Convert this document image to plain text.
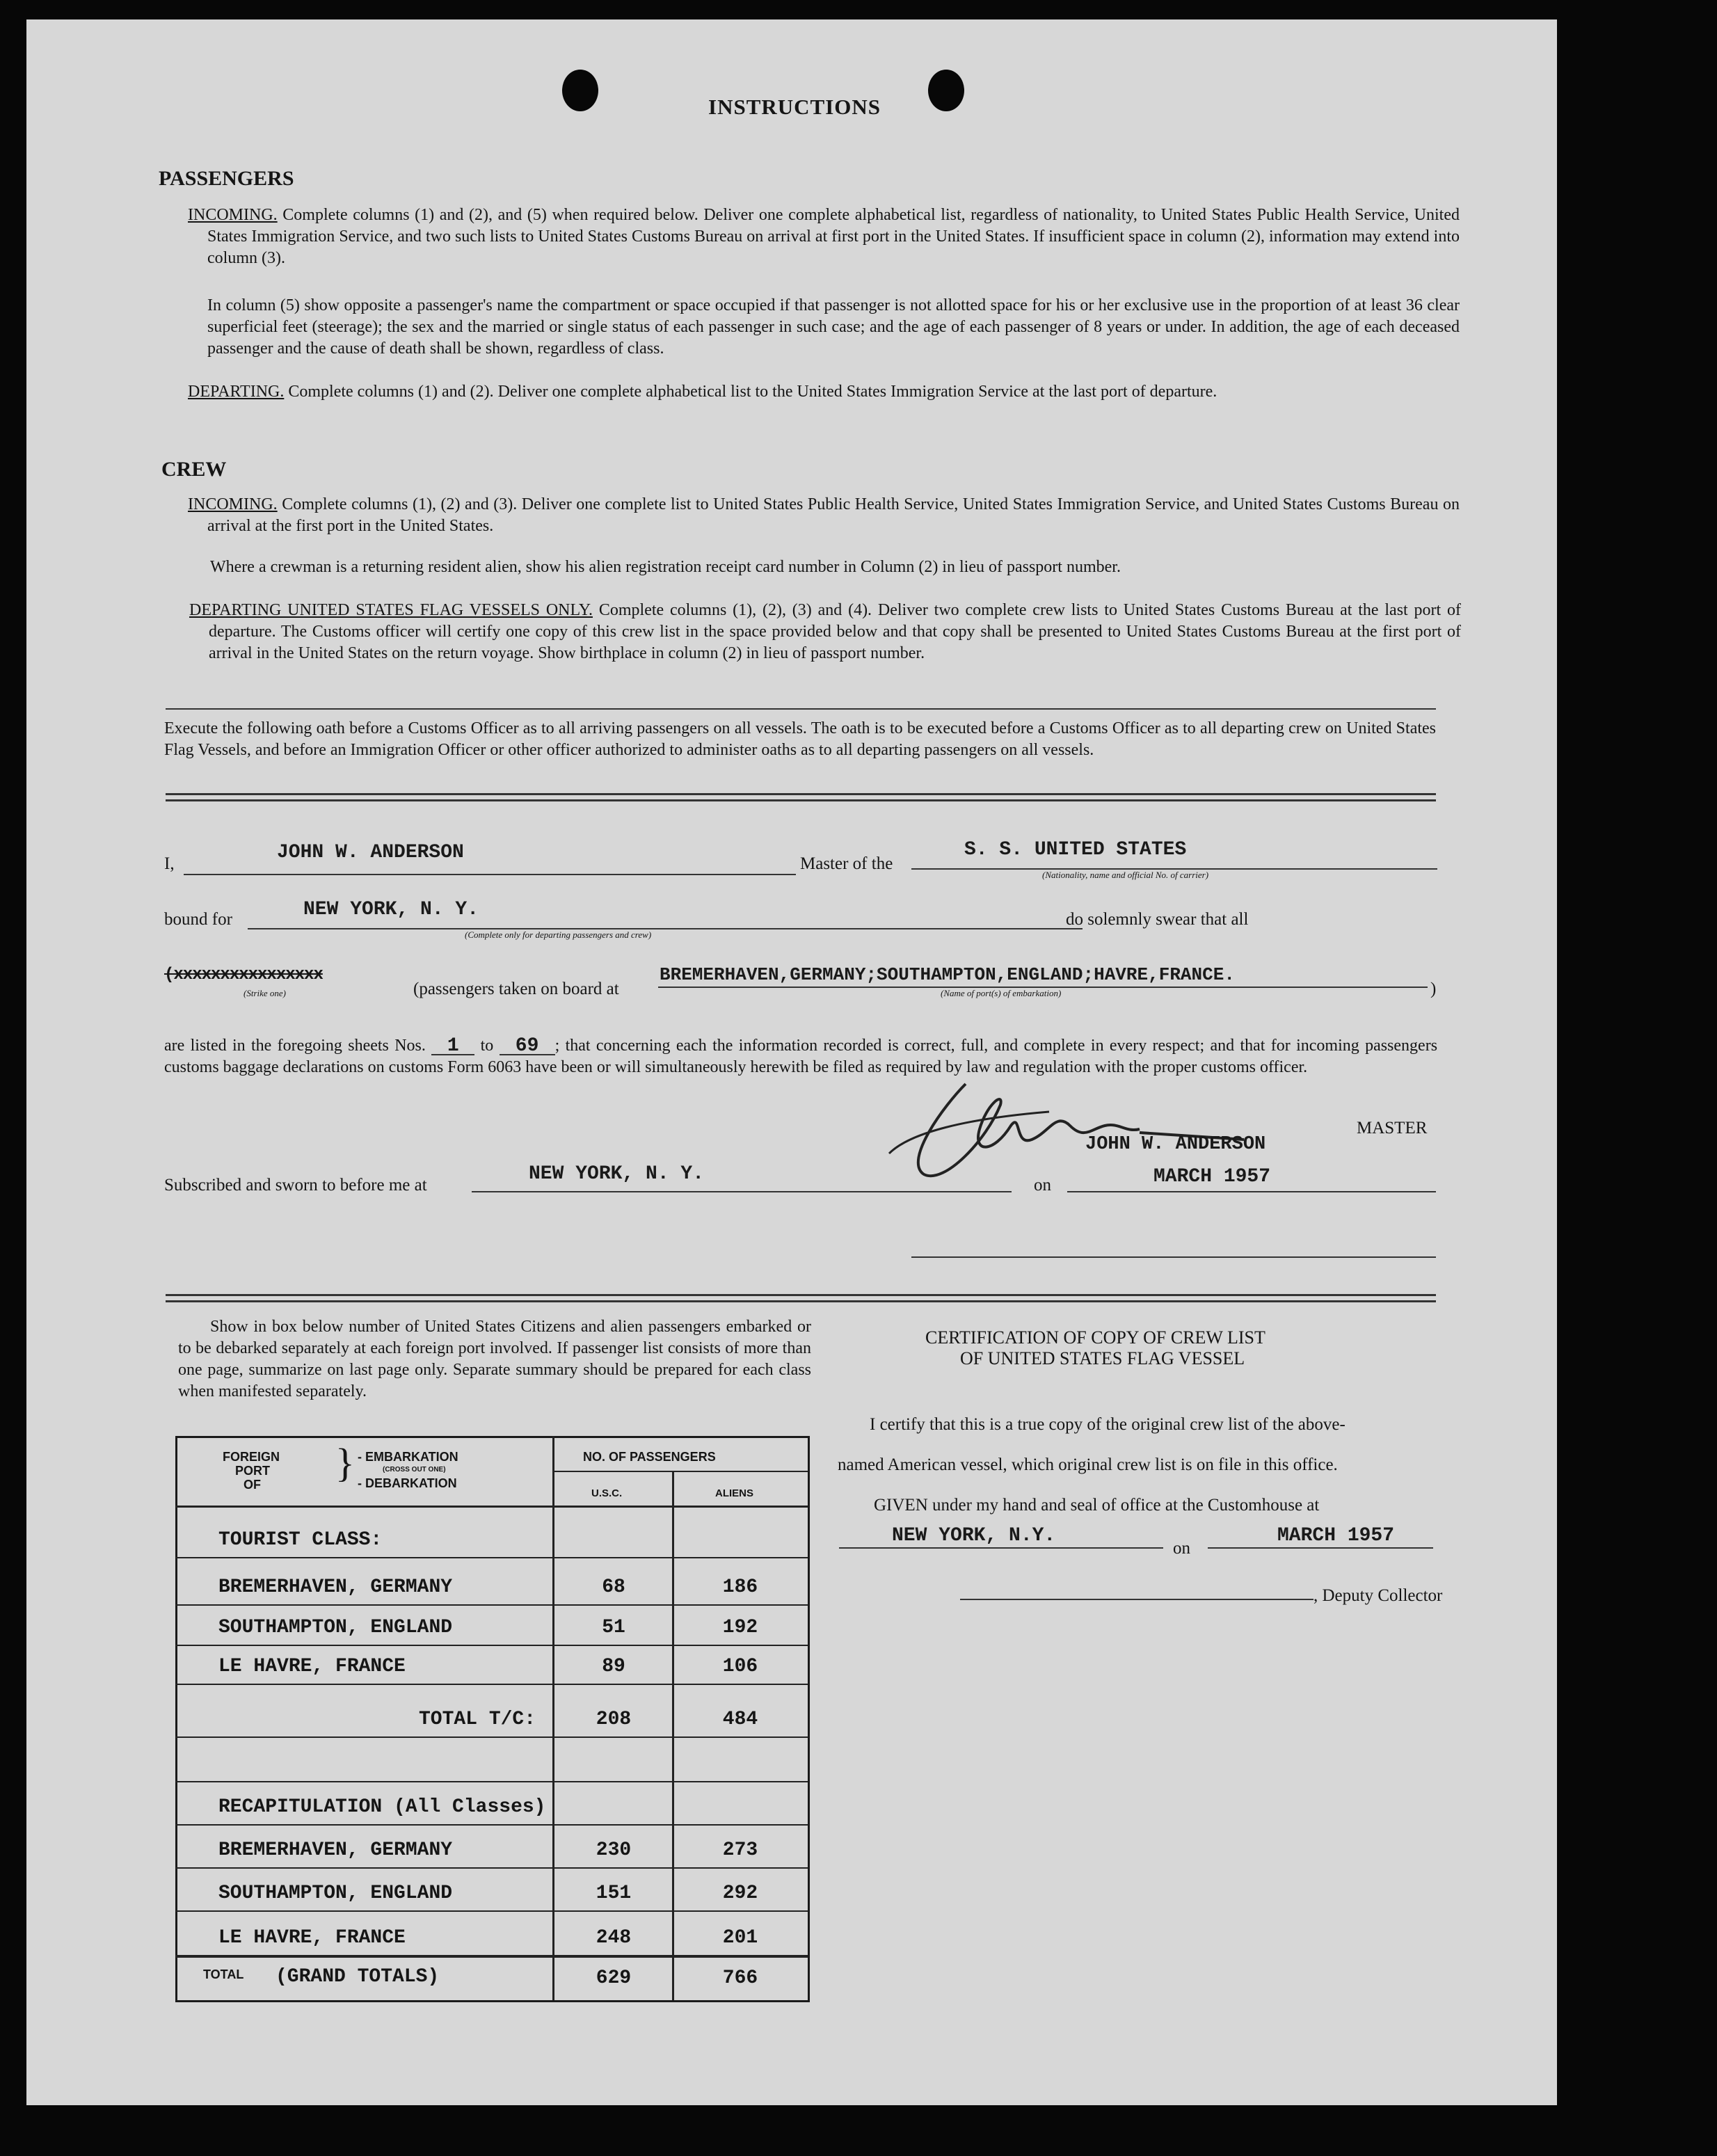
INSTRUCTIONS
PASSENGERS
INCOMING. Complete columns (1) and (2), and (5) when required below. Deliver one complete alphabetical list, regardless of nationality, to United States Public Health Service, United States Immigration Service, and two such lists to United States Customs Bureau on arrival at first port in the United States. If insufficient space in column (2), information may extend into column (3).
In column (5) show opposite a passenger's name the compartment or space occupied if that passenger is not allotted space for his or her exclusive use in the proportion of at least 36 clear superficial feet (steerage); the sex and the married or single status of each passenger in such case; and the age of each passenger of 8 years or under. In addition, the age of each deceased passenger and the cause of death shall be shown, regardless of class.
DEPARTING. Complete columns (1) and (2). Deliver one complete alphabetical list to the United States Immigration Service at the last port of departure.
CREW
INCOMING. Complete columns (1), (2) and (3). Deliver one complete list to United States Public Health Service, United States Immigration Service, and United States Customs Bureau on arrival at the first port in the United States.
Where a crewman is a returning resident alien, show his alien registration receipt card number in Column (2) in lieu of passport number.
DEPARTING UNITED STATES FLAG VESSELS ONLY. Complete columns (1), (2), (3) and (4). Deliver two complete crew lists to United States Customs Bureau at the last port of departure. The Customs officer will certify one copy of this crew list in the space provided below and that copy shall be presented to United States Customs Bureau at the first port of arrival in the United States on the return voyage. Show birthplace in column (2) in lieu of passport number.
Execute the following oath before a Customs Officer as to all arriving passengers on all vessels. The oath is to be executed before a Customs Officer as to all departing crew on United States Flag Vessels, and before an Immigration Officer or other officer authorized to administer oaths as to all departing passengers on all vessels.
I,
JOHN W. ANDERSON
Master of the
S. S. UNITED STATES
(Nationality, name and official No. of carrier)
bound for	NEW YORK, N. Y.
(Complete only for departing passengers and crew)
do solemnly swear that all
(xxxxxxxxxxxxxxxx
(Strike one)	(passengers taken on board at
BREMERHAVEN,GERMANY;SOUTHAMPTON,ENGLAND;HAVRE,FRANCE.
(Name of port(s) of embarkation)	)
are listed in the foregoing sheets Nos. 1 to 69 ; that concerning each the information recorded is correct, full, and complete in every respect; and that for incoming passengers customs baggage declarations on customs Form 6063 have been or will simultaneously herewith be filed as required by law and regulation with the proper customs officer.
MASTER
JOHN W. ANDERSON
Subscribed and sworn to before me at
NEW YORK, N. Y.
on	MARCH 1957
Show in box below number of United States Citizens and alien passengers embarked or to be debarked separately at each foreign port involved. If passenger list consists of more than one page, summarize on last page only. Separate summary should be prepared for each class when manifested separately.
FOREIGN
PORT
OF } - EMBARKATION
(CROSS OUT ONE)
- DEBARKATION
NO. OF PASSENGERS
U.S.C.	ALIENS
TOURIST CLASS:
BREMERHAVEN, GERMANY	68	186
SOUTHAMPTON, ENGLAND	51	192
LE HAVRE, FRANCE	89	106
TOTAL T/C:	208	484
RECAPITULATION (All Classes)
BREMERHAVEN, GERMANY	230	273
SOUTHAMPTON, ENGLAND	151	292
LE HAVRE, FRANCE	248	201
TOTAL (GRAND TOTALS)	629	766
CERTIFICATION OF COPY OF CREW LIST
OF UNITED STATES FLAG VESSEL
I certify that this is a true copy of the original crew list of the above-
named American vessel, which original crew list is on file in this office.
GIVEN under my hand and seal of office at the Customhouse at
NEW YORK, N.Y.
on
MARCH 1957
, Deputy Collector
